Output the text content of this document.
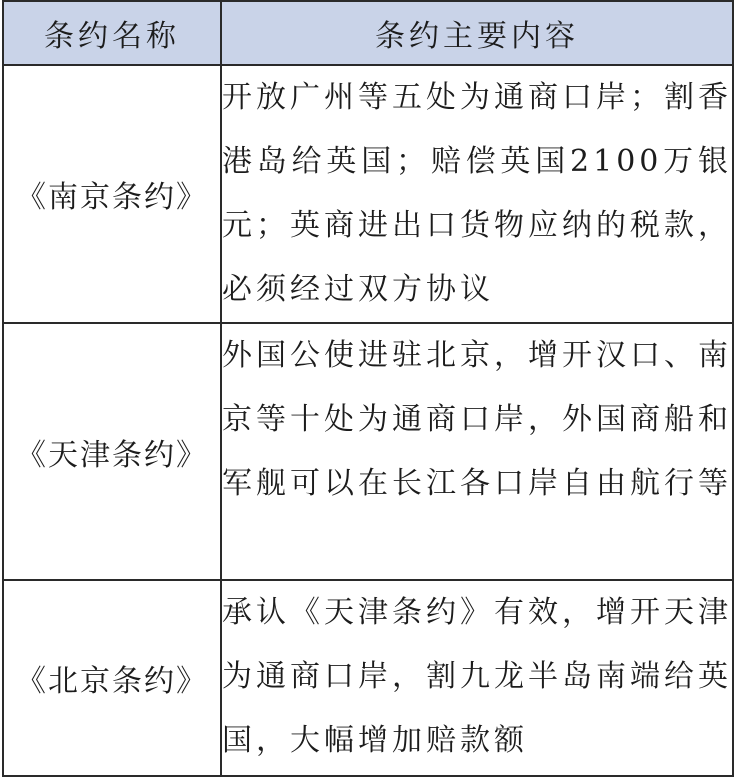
条约名称	条约主要内容
《南京条约》	开放广州等五处为通商口岸；割香港岛给英国；赔偿英国2100万银元；英商进出口货物应纳的税款，必须经过双方协议
《天津条约》	外国公使进驻北京，增开汉口、南京等十处为通商口岸，外国商船和军舰可以在长江各口岸自由航行等
《北京条约》	承认《天津条约》有效，增开天津为通商口岸，割九龙半岛南端给英国，大幅增加赔款额
